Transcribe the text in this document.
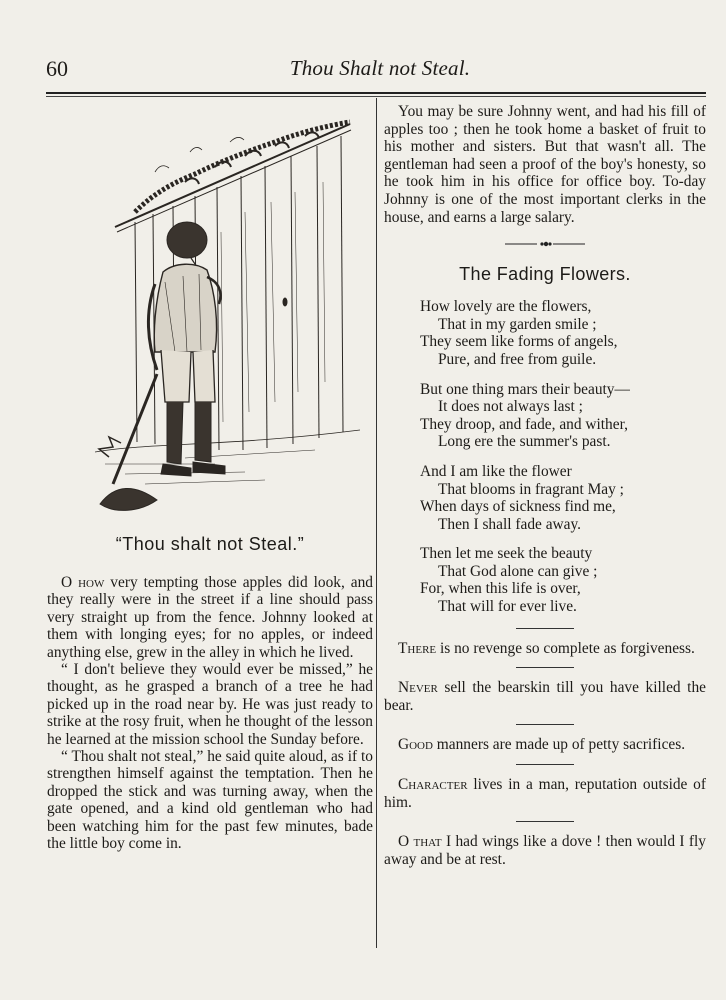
60	Thou Shalt not Steal.
“Thou shalt not Steal.”

O how very tempting those apples did look, and they really were in the street if a line should pass very straight up from the fence. Johnny looked at them with longing eyes; for no apples, or indeed anything else, grew in the alley in which he lived.

“ I don't believe they would ever be missed,” he thought, as he grasped a branch of a tree he had picked up in the road near by. He was just ready to strike at the rosy fruit, when he thought of the lesson he learned at the mission school the Sunday before.

“ Thou shalt not steal,” he said quite aloud, as if to strengthen himself against the temptation. Then he dropped the stick and was turning away, when the gate opened, and a kind old gentleman who had been watching him for the past few minutes, bade the little boy come in.

You may be sure Johnny went, and had his fill of apples too ; then he took home a basket of fruit to his mother and sisters. But that wasn't all. The gentleman had seen a proof of the boy's honesty, so he took him in his office for office boy. To-day Johnny is one of the most important clerks in the house, and earns a large salary.

The Fading Flowers.
How lovely are the flowers,
That in my garden smile ;
They seem like forms of angels,
Pure, and free from guile.
But one thing mars their beauty—
It does not always last ;
They droop, and fade, and wither,
Long ere the summer's past.
And I am like the flower
That blooms in fragrant May ;
When days of sickness find me,
Then I shall fade away.
Then let me seek the beauty
That God alone can give ;
For, when this life is over,
That will for ever live.

There is no revenge so complete as forgiveness.

Never sell the bearskin till you have killed the bear.

Good manners are made up of petty sacrifices.

Character lives in a man, reputation outside of him.

O that I had wings like a dove ! then would I fly away and be at rest.
